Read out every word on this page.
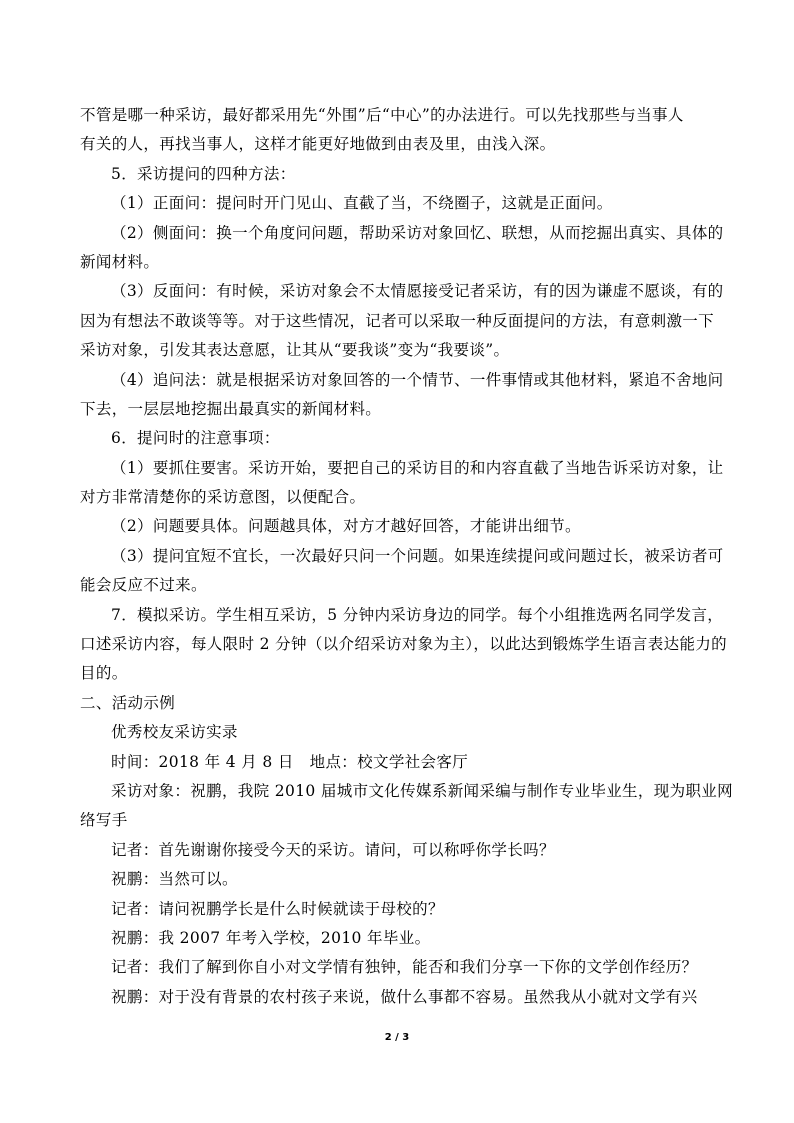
不管是哪一种采访，最好都采用先“外围”后“中心”的办法进行。可以先找那些与当事人
有关的人，再找当事人，这样才能更好地做到由表及里，由浅入深。
5．采访提问的四种方法：
（1）正面问：提问时开门见山、直截了当，不绕圈子，这就是正面问。
（2）侧面问：换一个角度问问题，帮助采访对象回忆、联想，从而挖掘出真实、具体的
新闻材料。
（3）反面问：有时候，采访对象会不太情愿接受记者采访，有的因为谦虚不愿谈，有的
因为有想法不敢谈等等。对于这些情况，记者可以采取一种反面提问的方法，有意刺激一下
采访对象，引发其表达意愿，让其从“要我谈”变为“我要谈”。
（4）追问法：就是根据采访对象回答的一个情节、一件事情或其他材料，紧追不舍地问
下去，一层层地挖掘出最真实的新闻材料。
6．提问时的注意事项：
（1）要抓住要害。采访开始，要把自己的采访目的和内容直截了当地告诉采访对象，让
对方非常清楚你的采访意图，以便配合。
（2）问题要具体。问题越具体，对方才越好回答，才能讲出细节。
（3）提问宜短不宜长，一次最好只问一个问题。如果连续提问或问题过长，被采访者可
能会反应不过来。
7．模拟采访。学生相互采访，5 分钟内采访身边的同学。每个小组推选两名同学发言，
口述采访内容，每人限时 2 分钟（以介绍采访对象为主），以此达到锻炼学生语言表达能力的
目的。
二、活动示例
优秀校友采访实录
时间：2018 年 4 月 8 日　地点：校文学社会客厅
采访对象：祝鹏，我院 2010 届城市文化传媒系新闻采编与制作专业毕业生，现为职业网
络写手
记者：首先谢谢你接受今天的采访。请问，可以称呼你学长吗？
祝鹏：当然可以。
记者：请问祝鹏学长是什么时候就读于母校的？
祝鹏：我 2007 年考入学校，2010 年毕业。
记者：我们了解到你自小对文学情有独钟，能否和我们分享一下你的文学创作经历？
祝鹏：对于没有背景的农村孩子来说，做什么事都不容易。虽然我从小就对文学有兴
2 / 3
